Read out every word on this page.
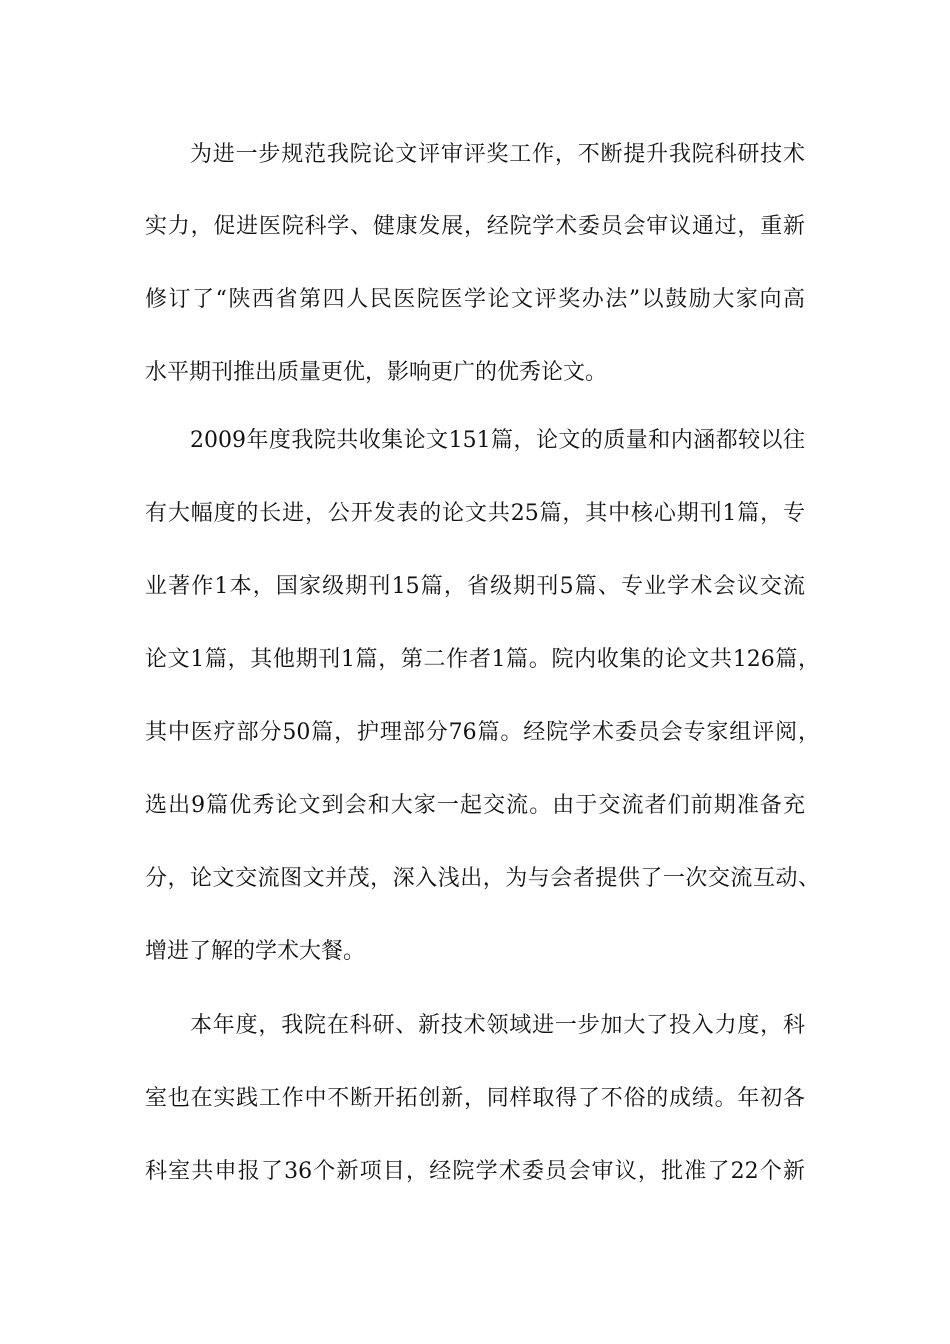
为进一步规范我院论文评审评奖工作，不断提升我院科研技术
实力，促进医院科学、健康发展，经院学术委员会审议通过，重新
修订了“陕西省第四人民医院医学论文评奖办法”以鼓励大家向高
水平期刊推出质量更优，影响更广的优秀论文。
2009年度我院共收集论文151篇，论文的质量和内涵都较以往
有大幅度的长进，公开发表的论文共25篇，其中核心期刊1篇，专
业著作1本，国家级期刊15篇，省级期刊5篇、专业学术会议交流
论文1篇，其他期刊1篇，第二作者1篇。院内收集的论文共126篇，
其中医疗部分50篇，护理部分76篇。经院学术委员会专家组评阅，
选出9篇优秀论文到会和大家一起交流。由于交流者们前期准备充
分，论文交流图文并茂，深入浅出，为与会者提供了一次交流互动、
增进了解的学术大餐。
本年度，我院在科研、新技术领域进一步加大了投入力度，科
室也在实践工作中不断开拓创新，同样取得了不俗的成绩。年初各
科室共申报了36个新项目，经院学术委员会审议，批准了22个新
